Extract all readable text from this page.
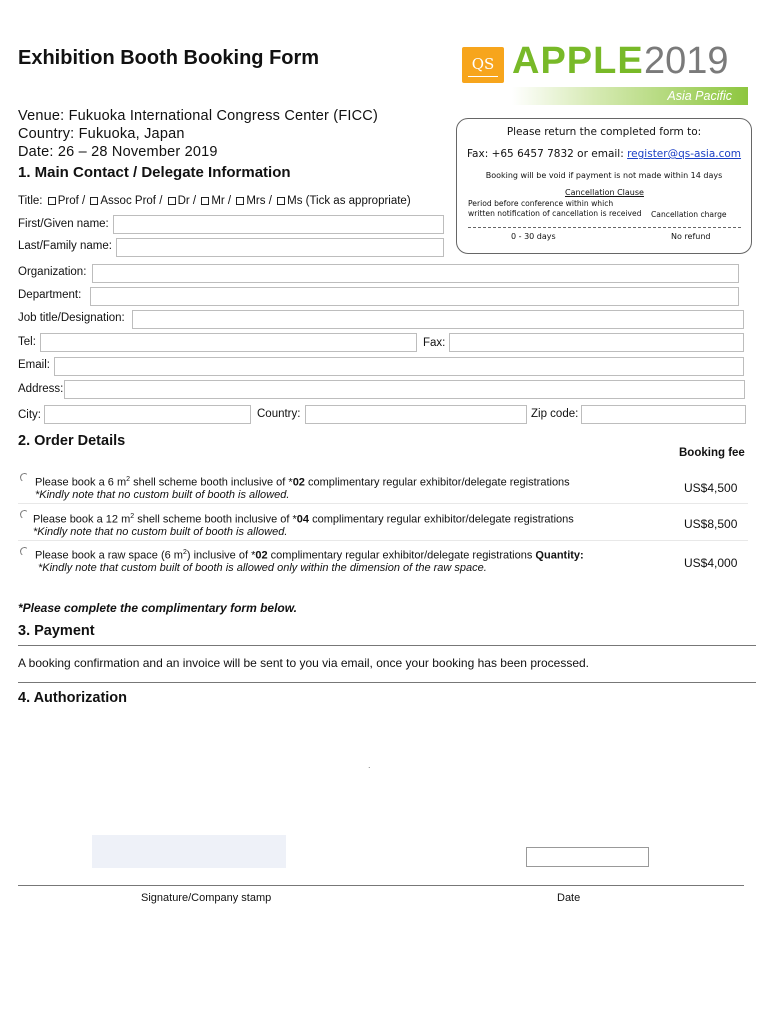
Exhibition Booth Booking Form	QS APPLE 2019
Asia Pacific
Venue: Fukuoka International Congress Center (FICC)
Country: Fukuoka, Japan
Date: 26 – 28 November 2019
Please return the completed form to:
Fax: +65 6457 7832 or email: register@qs-asia.com
Booking will be void if payment is not made within 14 days
Cancellation Clause
Period before conference within which
written notification of cancellation is received Cancellation charge
0 - 30 days	No refund
1. Main Contact / Delegate Information
Title: Prof / Assoc Prof / Dr / Mr / Mrs / Ms (Tick as appropriate)
First/Given name:
Last/Family name:
Organization:
Department:
Job title/Designation:
Tel:	Fax:
Email:
Address:
City:	Country:	Zip code:
2. Order Details
Booking fee
Please book a 6 $m^2$ shell scheme booth inclusive of *02 complimentary regular exhibitor/delegate registrations
*Kindly note that no custom built of booth is allowed.	US$4,500
Please book a 12 $m^2$ shell scheme booth inclusive of *04 complimentary regular exhibitor/delegate registrations
*Kindly note that no custom built of booth is allowed.
US$8,500
Please book a raw space (6 $m^2$) inclusive of *02 complimentary regular exhibitor/delegate registrations Quantity:
*Kindly note that custom built of booth is allowed only within the dimension of the raw space.	US$4,000
*Please complete the complimentary form below.
3. Payment
A booking confirmation and an invoice will be sent to you via email, once your booking has been processed.
4. Authorization
.
Signature/Company stamp	Date
